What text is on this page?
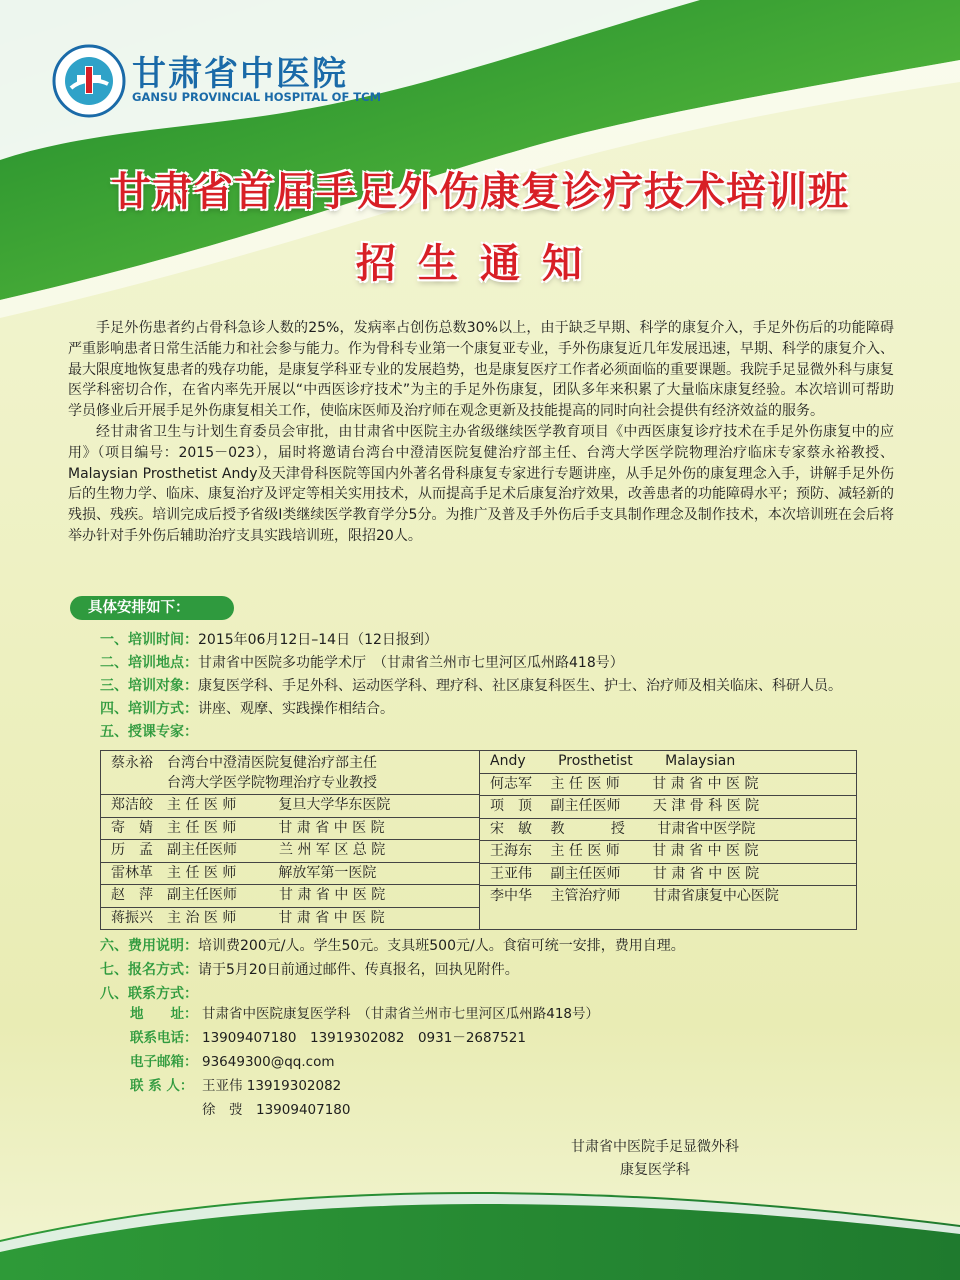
甘肃省中医院
GANSU PROVINCIAL HOSPITAL OF TCM
甘肃省首届手足外伤康复诊疗技术培训班
招生通知

手足外伤患者约占骨科急诊人数的25%，发病率占创伤总数30%以上，由于缺乏早期、科学的康复介入，手足外伤后的功能障碍严重影响患者日常生活能力和社会参与能力。作为骨科专业第一个康复亚专业，手外伤康复近几年发展迅速，早期、科学的康复介入、最大限度地恢复患者的残存功能，是康复学科亚专业的发展趋势，也是康复医疗工作者必须面临的重要课题。我院手足显微外科与康复医学科密切合作，在省内率先开展以“中西医诊疗技术”为主的手足外伤康复，团队多年来积累了大量临床康复经验。本次培训可帮助学员修业后开展手足外伤康复相关工作，使临床医师及治疗师在观念更新及技能提高的同时向社会提供有经济效益的服务。

经甘肃省卫生与计划生育委员会审批，由甘肃省中医院主办省级继续医学教育项目《中西医康复诊疗技术在手足外伤康复中的应用》（项目编号：2015－023），届时将邀请台湾台中澄清医院复健治疗部主任、台湾大学医学院物理治疗临床专家蔡永裕教授、Malaysian Prosthetist Andy及天津骨科医院等国内外著名骨科康复专家进行专题讲座，从手足外伤的康复理念入手，讲解手足外伤后的生物力学、临床、康复治疗及评定等相关实用技术，从而提高手足术后康复治疗效果，改善患者的功能障碍水平；预防、减轻新的残损、残疾。培训完成后授予省级Ⅰ类继续医学教育学分5分。为推广及普及手外伤后手支具制作理念及制作技术，本次培训班在会后将举办针对手外伤后辅助治疗支具实践培训班，限招20人。

具体安排如下：
一、培训时间：2015年06月12日–14日（12日报到）
二、培训地点：甘肃省中医院多功能学术厅　（甘肃省兰州市七里河区瓜州路418号）
三、培训对象：康复医学科、手足外科、运动医学科、理疗科、社区康复科医生、护士、治疗师及相关临床、科研人员。
四、培训方式：讲座、观摩、实践操作相结合。
五、授课专家：
蔡永裕　台湾台中澄清医院复健治疗部主任
　　　　台湾大学医学院物理治疗专业教授
郑洁皎　主 任 医 师　　　复旦大学华东医院
寄　婧　主 任 医 师　　　甘 肃 省 中 医 院
历　孟　副主任医师　　　兰 州 军 区 总 院
雷林革　主 任 医 师　　　解放军第一医院
赵　萍　副主任医师　　　甘 肃 省 中 医 院
蒋振兴　主 治 医 师　　　甘 肃 省 中 医 院

Andy　　 Prosthetist　　 Malaysian
何志军　 主 任 医 师　　 甘 肃 省 中 医 院
项　顶　 副主任医师　　 天 津 骨 科 医 院
宋　敏　 教　　　 授　　 甘肃省中医学院
王海东　 主 任 医 师　　 甘 肃 省 中 医 院
王亚伟　 副主任医师　　 甘 肃 省 中 医 院
李中华　 主管治疗师　　 甘肃省康复中心医院
六、费用说明：培训费200元/人。学生50元。支具班500元/人。食宿可统一安排，费用自理。
七、报名方式：请于5月20日前通过邮件、传真报名，回执见附件。
八、联系方式：
地　　址： 甘肃省中医院康复医学科　（甘肃省兰州市七里河区瓜州路418号）
联系电话： 13909407180　13919302082　0931－2687521
电子邮箱： 93649300@qq.com
联 系 人： 王亚伟 13919302082
徐　弢　13909407180
甘肃省中医院手足显微外科
康复医学科
